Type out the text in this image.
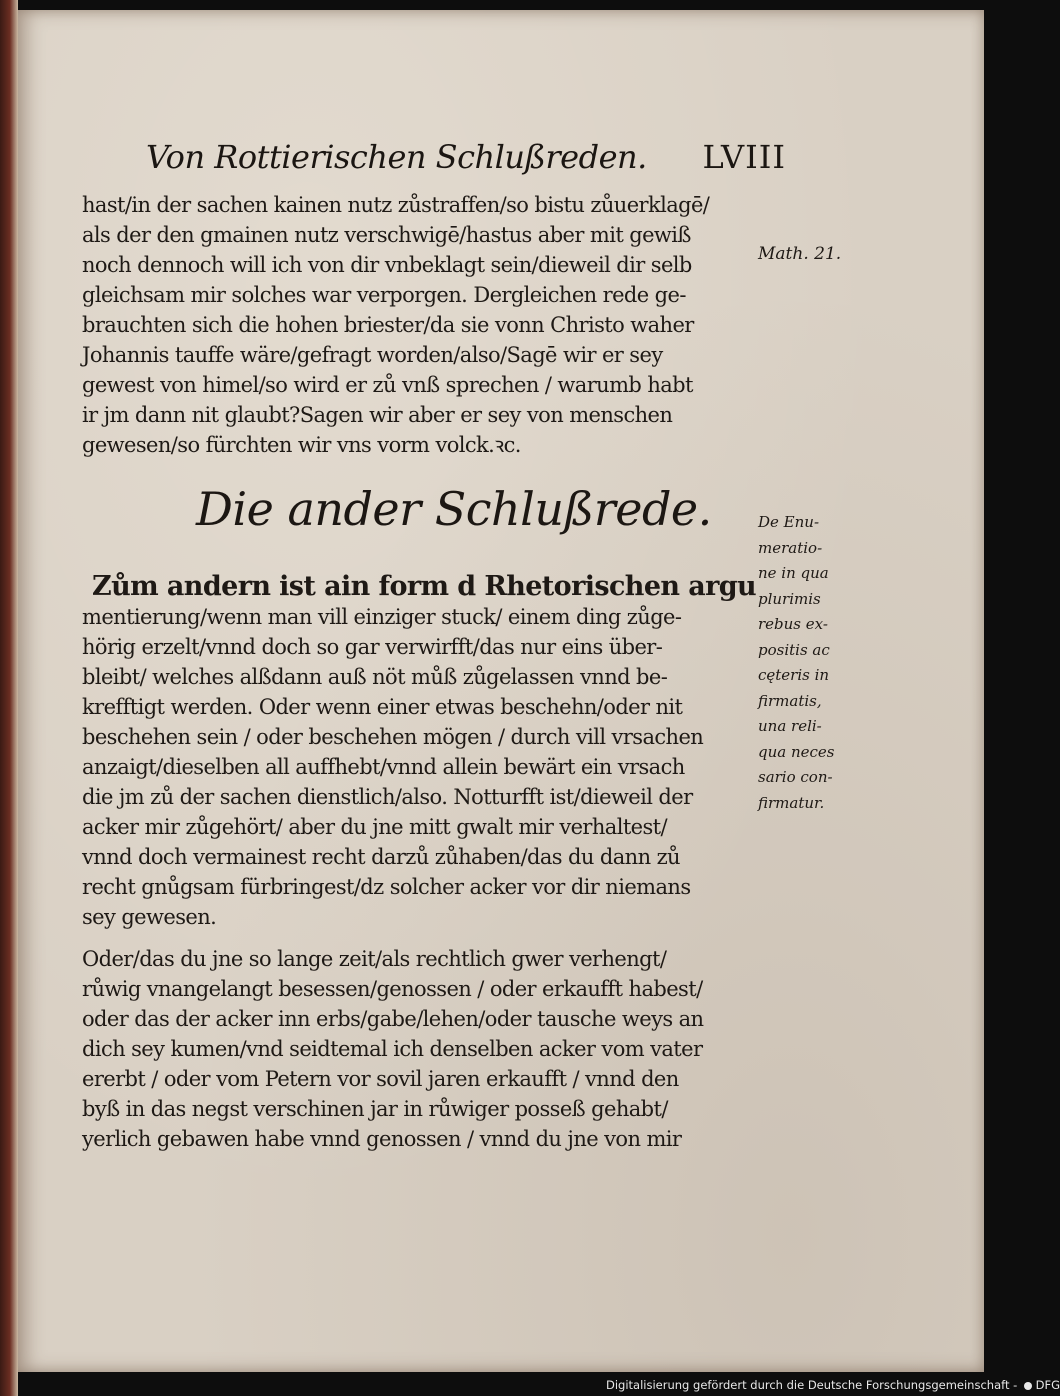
Von Rottierischen Schlußreden. LVIII
hast/in der sachen kainen nutz zůstraffen/so bistu zůuerklagē/
als der den gmainen nutz verschwigē/hastus aber mit gewiß
noch dennoch will ich von dir vnbeklagt sein/dieweil dir selb
gleichsam mir solches war verporgen. Dergleichen rede ge-
brauchten sich die hohen briester/da sie vonn Christo waher
Johannis tauffe wäre/gefragt worden/also/Sagē wir er sey
gewest von himel/so wird er zů vnß sprechen / warumb habt
ir jm dann nit glaubt?Sagen wir aber er sey von menschen
gewesen/so fürchten wir vns vorm volck.ꝛc.
Math. 21.
Die ander Schlußrede.
Zům andern ist ain form d Rhetorischen argu
mentierung/wenn man vill einziger stuck/ einem ding zůge-
hörig erzelt/vnnd doch so gar verwirfft/das nur eins über-
bleibt/ welches alßdann auß nöt můß zůgelassen vnnd be-
krefftigt werden. Oder wenn einer etwas beschehn/oder nit
beschehen sein / oder beschehen mögen / durch vill vrsachen
anzaigt/dieselben all auffhebt/vnnd allein bewärt ein vrsach
die jm zů der sachen dienstlich/also. Notturfft ist/dieweil der
acker mir zůgehört/ aber du jne mitt gwalt mir verhaltest/
vnnd doch vermainest recht darzů zůhaben/das du dann zů
recht gnůgsam fürbringest/dz solcher acker vor dir niemans
sey gewesen.
De Enu-
meratio-
ne in qua
plurimis
rebus ex-
positis ac
cęteris in
firmatis,
una reli-
qua neces
sario con-
firmatur.
Oder/das du jne so lange zeit/als rechtlich gwer verhengt/
růwig vnangelangt besessen/genossen / oder erkaufft habest/
oder das der acker inn erbs/gabe/lehen/oder tausche weys an
dich sey kumen/vnd seidtemal ich denselben acker vom vater
ererbt / oder vom Petern vor sovil jaren erkaufft / vnnd den
byß in das negst verschinen jar in růwiger posseß gehabt/
yerlich gebawen habe vnnd genossen / vnnd du jne von mir
Digitalisierung gefördert durch die Deutsche Forschungsgemeinschaft - DFG
